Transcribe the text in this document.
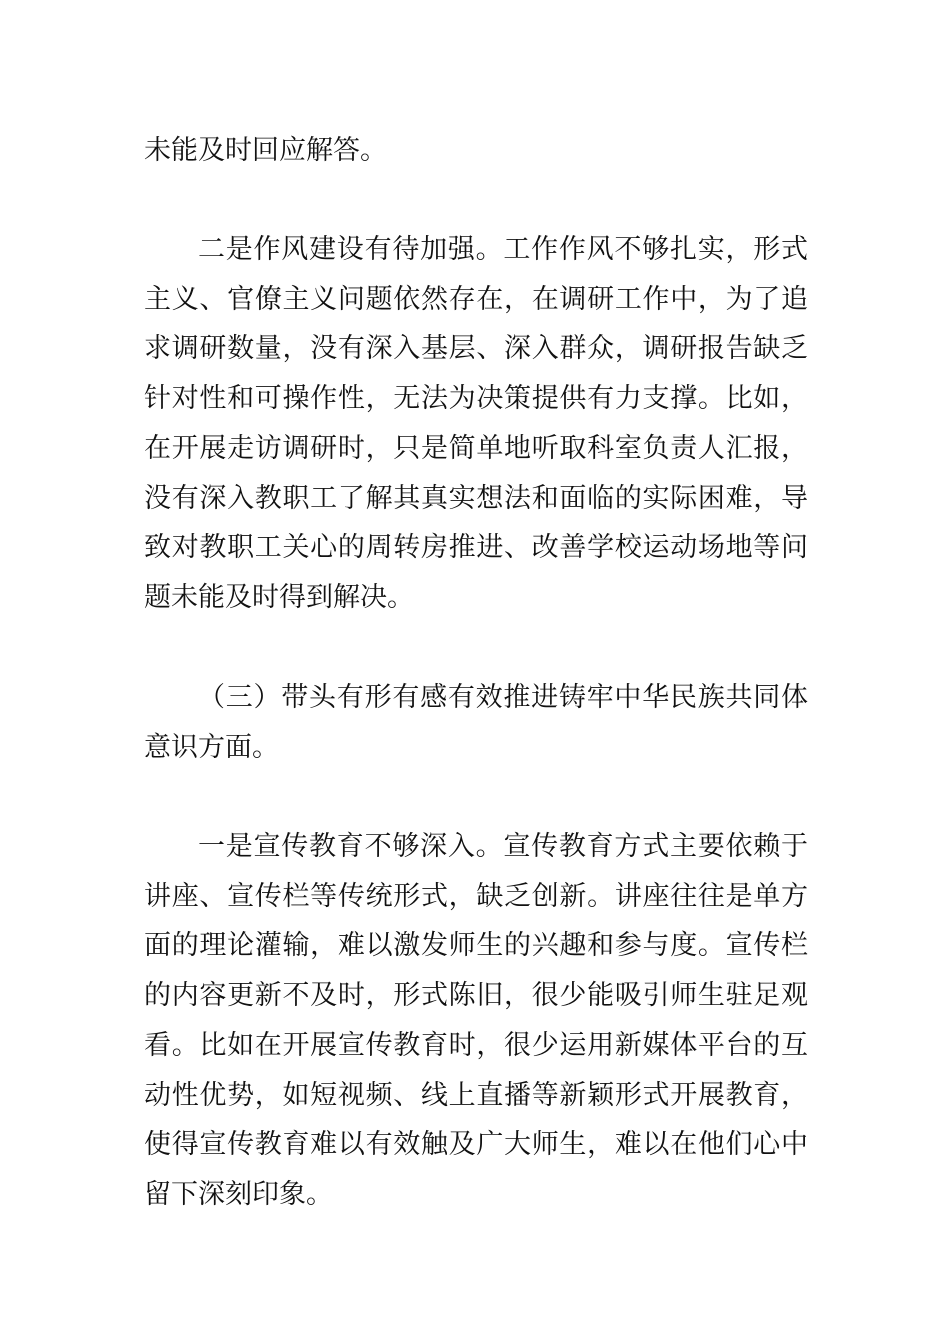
未能及时回应解答。

二是作风建设有待加强。工作作风不够扎实，形式主义、官僚主义问题依然存在，在调研工作中，为了追求调研数量，没有深入基层、深入群众，调研报告缺乏针对性和可操作性，无法为决策提供有力支撑。比如，在开展走访调研时，只是简单地听取科室负责人汇报，没有深入教职工了解其真实想法和面临的实际困难，导致对教职工关心的周转房推进、改善学校运动场地等问题未能及时得到解决。

（三）带头有形有感有效推进铸牢中华民族共同体意识方面。

一是宣传教育不够深入。宣传教育方式主要依赖于讲座、宣传栏等传统形式，缺乏创新。讲座往往是单方面的理论灌输，难以激发师生的兴趣和参与度。宣传栏的内容更新不及时，形式陈旧，很少能吸引师生驻足观看。比如在开展宣传教育时，很少运用新媒体平台的互动性优势，如短视频、线上直播等新颖形式开展教育，使得宣传教育难以有效触及广大师生，难以在他们心中留下深刻印象。
